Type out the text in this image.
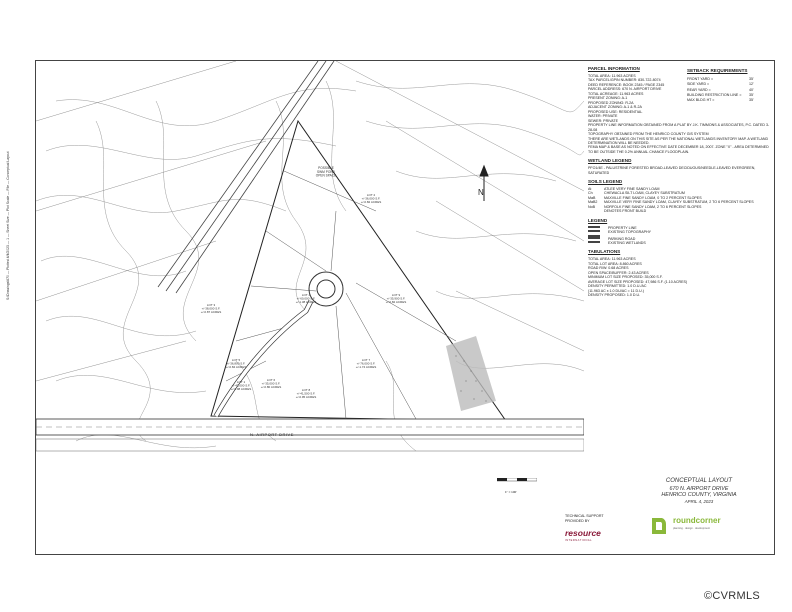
S:\Drawings\670 — Plotted 4/4/2023 — 1 — Sheet Size — Plot Scale — File — Conceptual Layout	N
LOT 1 +/-43,000 S.F. +/-0.98 ACRES
LOT 2 +/-36,000 S.F. +/-0.82 ACRES
LOT 3 +/-38,000 S.F. +/-0.87 ACRES
LOT 4 +/-60,000 S.F. +/-1.38 ACRES
LOT 5 +/-36,800 S.F. +/-0.84 ACRES
LOT 6 +/-35,000 S.F. +/-0.80 ACRES
LOT 7 +/-76,000 S.F. +/-1.74 ACRES
LOT 8 +/-41,500 S.F. +/-0.95 ACRES
LOT 9 +/-35,900 S.F. +/-0.82 ACRES
POSSIBLE SWM POND OPEN SPACE
N. AIRPORT DRIVE
1" = 100'
PARCEL INFORMATION
TOTAL AREA: 11.963 ACRES
TAX PARCEL/GPIN NUMBER: 830-722-8074
DEED REFERENCE: BOOK 2345 / PAGE 2345
PARCEL ADDRESS: 670 N. AIRPORT DRIVE
TOTAL ACREAGE: 11.963 ACRES
PRESENT ZONING: A-1
PROPOSED ZONING: R-2A
ADJACENT ZONING: A-1 & R-2A
PROPOSED USE: RESIDENTIAL
WATER: PRIVATE
SEWER: PRIVATE
PROPERTY LINE INFORMATION OBTAINED FROM A PLAT BY J.K. TIMMONS & ASSOCIATES, P.C. DATED 3-28-08
TOPOGRAPHY OBTAINED FROM THE HENRICO COUNTY GIS SYSTEM
THERE ARE WETLANDS ON THIS SITE AS PER THE NATIONAL WETLANDS INVENTORY MAP. A WETLAND DETERMINATION WILL BE NEEDED.
FEMA MAP & BASE AS NOTED ON EFFECTIVE DATE DECEMBER 18, 2007. ZONE "X" - AREA DETERMINED TO BE OUTSIDE THE 0.2% ANNUAL CHANCE FLOODPLAIN.
WETLAND LEGEND
PFO1/4E - PALUSTRINE FORESTED BROAD-LEAVED DECIDUOUS/NEEDLE-LEAVED EVERGREEN, SATURATED
SOILS LEGEND
At	ATLEE VERY FINE SANDY LOAM
Ch	CHEWACLA SILT LOAM, CLAYEY SUBSTRATUM
MaB	MAXVILLE FINE SANDY LOAM, 0 TO 2 PERCENT SLOPES
MaB2	MAXVILLE VERY FINE SANDY LOAM, CLAYEY SUBSTRATUM, 2 TO 6 PERCENT SLOPES
NoB	NORFOLK FINE SANDY LOAM, 2 TO 6 PERCENT SLOPES
DENOTES FRONT BUILD
LEGEND
PROPERTY LINE
EXISTING TOPOGRAPHY
PARKING ROAD
EXISTING WETLANDS
TABULATIONS
TOTAL AREA: 11.963 ACRES
TOTAL LOT AREA: 8.860 ACRES
ROAD R/W: 0.68 ACRES
OPEN SPACE/BUFFER: 2.43 ACRES
MINIMUM LOT SIZE PROPOSED: 35,000 S.F.
AVERAGE LOT SIZE PROPOSED: 47,986 S.F. (1.10 ACRES)
DENSITY PERMITTED: 1.0 D.U./AC
(11.963 AC x 1.0 DU/AC = 11 D.U.)
DENSITY PROPOSED: 1.0 D.U.
SETBACK REQUIREMENTS
FRONT YARD =	35'
SIDE YARD =	12'
REAR YARD =	40'
BUILDING RESTRICTION LINE =	35'
MAX BLDG HT =	35'
CONCEPTUAL LAYOUT
670 N. AIRPORT DRIVE
HENRICO COUNTY, VIRGINIA
APRIL 4, 2023
TECHNICAL SUPPORT
PROVIDED BY
resource
INTERNATIONAL
roundcorner
planning · design · development
©CVRMLS
